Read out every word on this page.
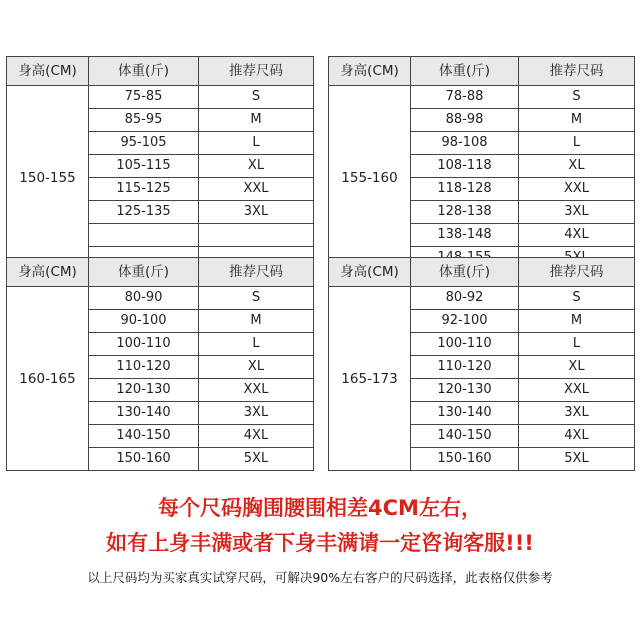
身高(CM)	体重(斤)	推荐尺码
150-155	75-85	S
	85-95	M
	95-105	L
	105-115	XL
	115-125	XXL
	125-135	3XL

身高(CM)	体重(斤)	推荐尺码
155-160	78-88	S
	88-98	M
	98-108	L
	108-118	XL
	118-128	XXL
	128-138	3XL
	138-148	4XL

身高(CM)	体重(斤)	推荐尺码
160-165	80-90	S
	90-100	M
	100-110	L
	110-120	XL
	120-130	XXL
	130-140	3XL
	140-150	4XL
	150-160	5XL
身高(CM)	体重(斤)	推荐尺码
165-173	80-92	S
	92-100	M
	100-110	L
	110-120	XL
	120-130	XXL
	130-140	3XL
	140-150	4XL
	150-160	5XL
每个尺码胸围腰围相差4CM左右，
如有上身丰满或者下身丰满请一定咨询客服!!!
以上尺码均为买家真实试穿尺码，可解决90%左右客户的尺码选择，此表格仅供参考
